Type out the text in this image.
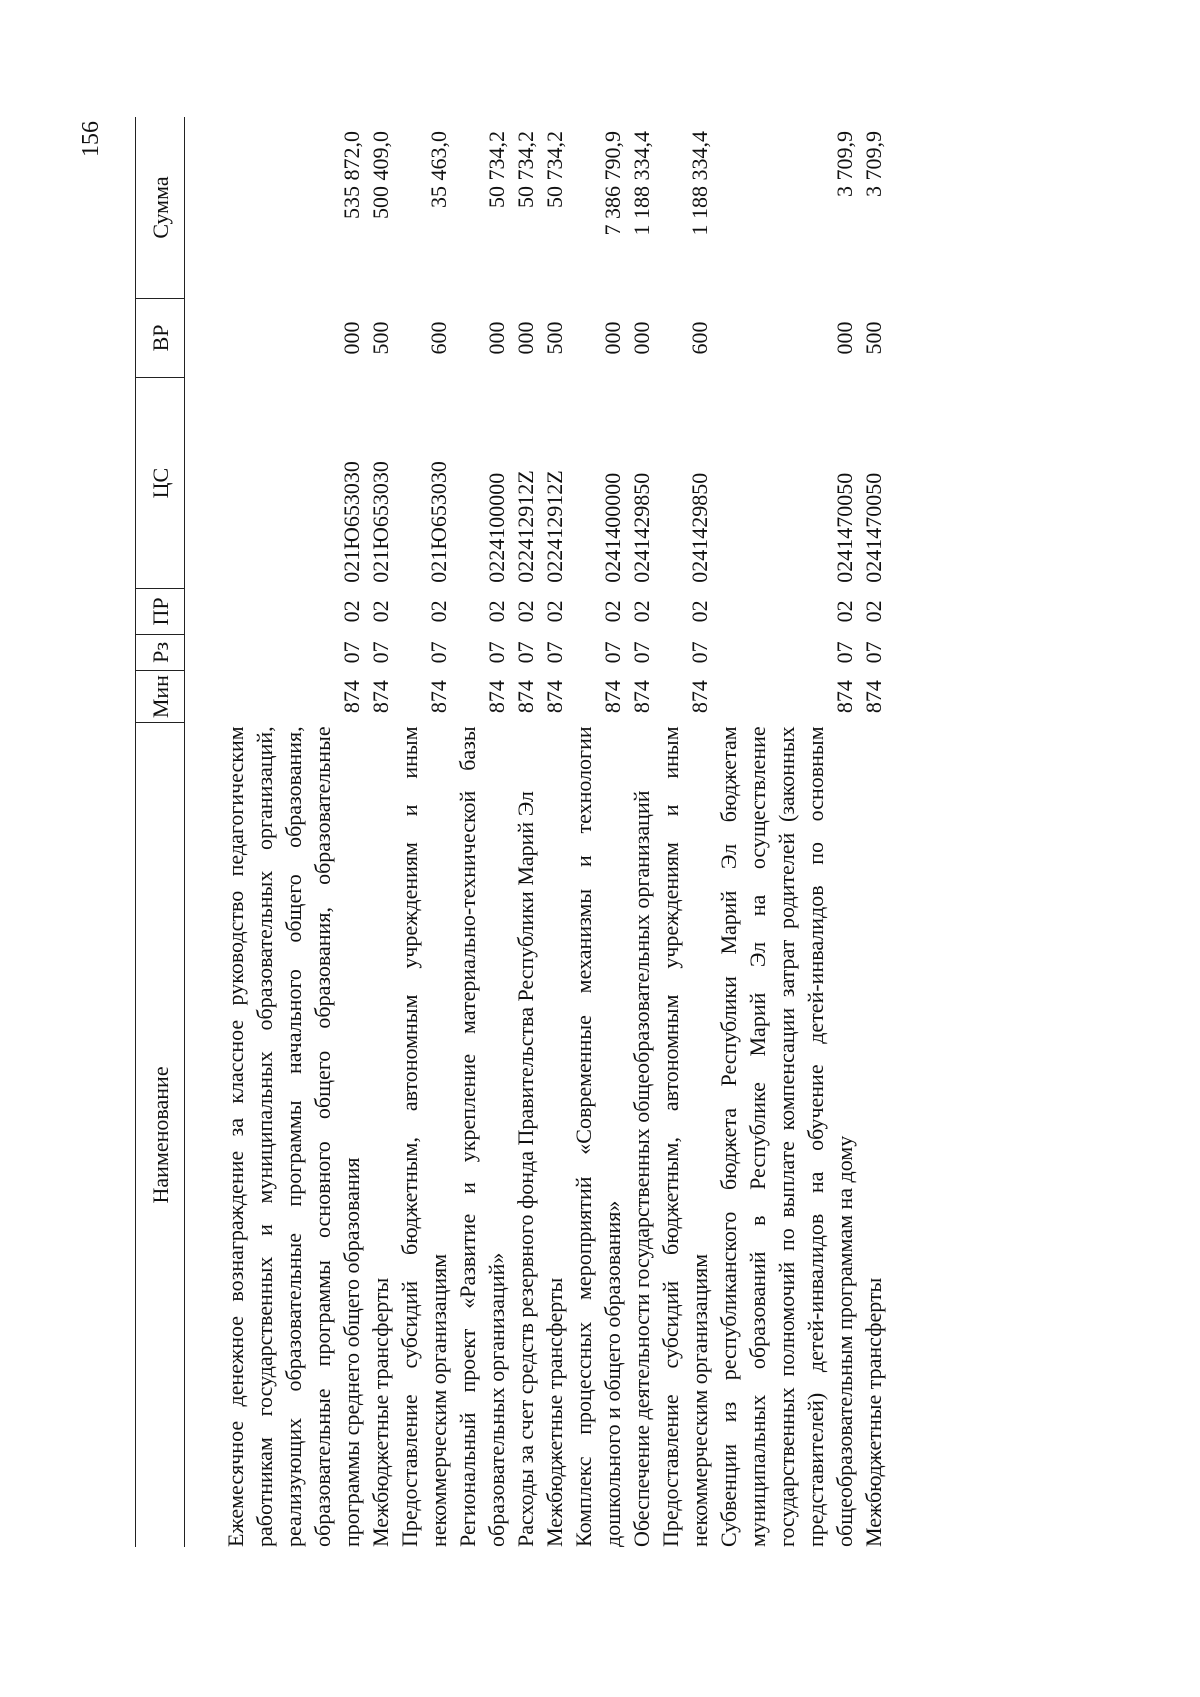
156
Наименование	Мин	Рз	ПР	ЦС	ВР	Сумма
Ежемесячное денежное вознаграждение за классное руководство педагогическим работникам государственных и муниципальных образовательных организаций, реализующих образовательные программы начального общего образования, образовательные программы основного общего образования, образовательные программы среднего общего образования	874	07	02	021Ю653030	000	535 872,0
Межбюджетные трансферты	874	07	02	021Ю653030	500	500 409,0
Предоставление субсидий бюджетным, автономным учреждениям и иным некоммерческим организациям	874	07	02	021Ю653030	600	35 463,0
Региональный проект «Развитие и укрепление материально-технической базы образовательных организаций»	874	07	02	0224100000	000	50 734,2
Расходы за счет средств резервного фонда Правительства Республики Марий Эл	874	07	02	022412912Z	000	50 734,2
Межбюджетные трансферты	874	07	02	022412912Z	500	50 734,2
Комплекс процессных мероприятий «Современные механизмы и технологии дошкольного и общего образования»	874	07	02	0241400000	000	7 386 790,9
Обеспечение деятельности государственных общеобразовательных организаций	874	07	02	0241429850	000	1 188 334,4
Предоставление субсидий бюджетным, автономным учреждениям и иным некоммерческим организациям	874	07	02	0241429850	600	1 188 334,4
Субвенции из республиканского бюджета Республики Марий Эл бюджетам муниципальных образований в Республике Марий Эл на осуществление государственных полномочий по выплате компенсации затрат родителей (законных представителей) детей-инвалидов на обучение детей-инвалидов по основным общеобразовательным программам на дому	874	07	02	0241470050	000	3 709,9
Межбюджетные трансферты	874	07	02	0241470050	500	3 709,9
